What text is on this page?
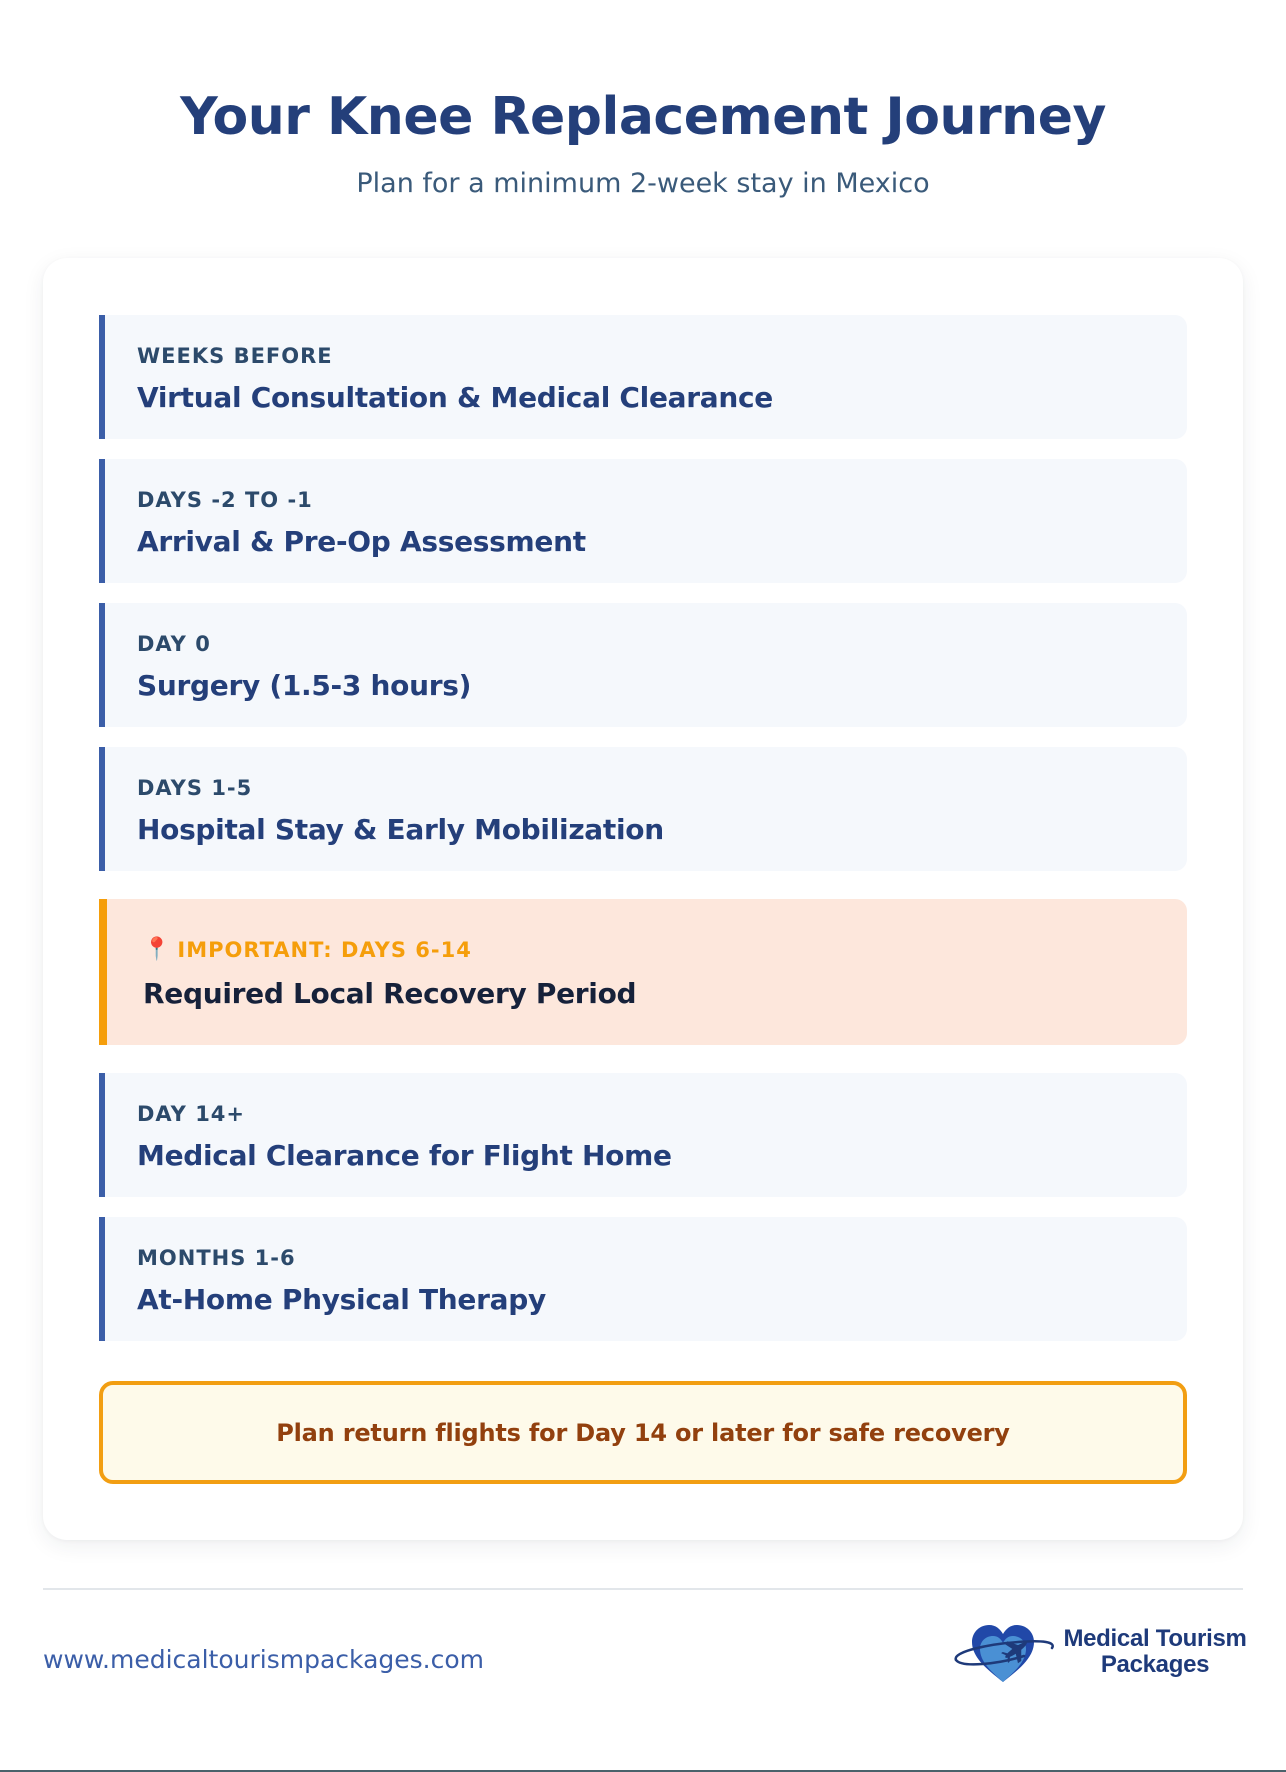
Your Knee Replacement Journey

Plan for a minimum 2-week stay in Mexico

WEEKS BEFORE
Virtual Consultation & Medical Clearance
DAYS -2 TO -1
Arrival & Pre-Op Assessment
DAY 0
Surgery (1.5-3 hours)
DAYS 1-5
Hospital Stay & Early Mobilization
📍 IMPORTANT: DAYS 6-14
Required Local Recovery Period
DAY 14+
Medical Clearance for Flight Home
MONTHS 1-6
At-Home Physical Therapy
Plan return flights for Day 14 or later for safe recovery
www.medicaltourismpackages.com
Medical Tourism
Packages
